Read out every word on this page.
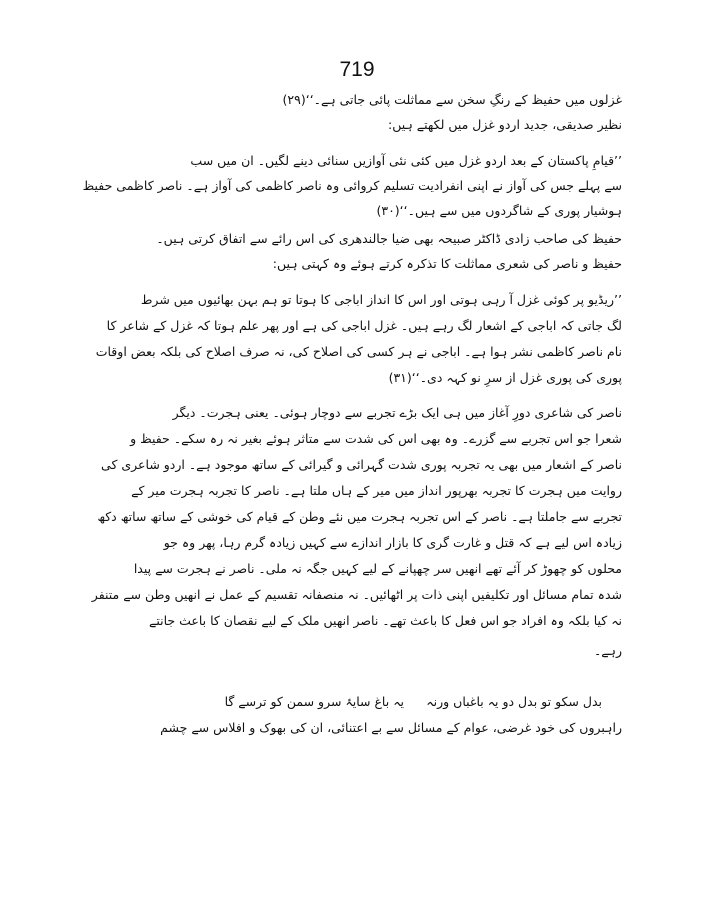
719
غزلوں میں حفیظ کے رنگِ سخن سے مماثلت پائی جاتی ہے۔‘‘(۲۹)
نظیر صدیقی، جدید اردو غزل میں لکھتے ہیں:
’’قیامِ پاکستان کے بعد اردو غزل میں کئی نئی آوازیں سنائی دینے لگیں۔ ان میں سب
سے پہلے جس کی آواز نے اپنی انفرادیت تسلیم کروائی وہ ناصر کاظمی کی آواز ہے۔ ناصر کاظمی حفیظ
ہوشیار پوری کے شاگردوں میں سے ہیں۔‘‘(۳۰)
حفیظ کی صاحب زادی ڈاکٹر صبیحہ بھی ضیا جالندھری کی اس رائے سے اتفاق کرتی ہیں۔
حفیظ و ناصر کی شعری مماثلت کا تذکرہ کرتے ہوئے وہ کہتی ہیں:
’’ریڈیو پر کوئی غزل آ رہی ہوتی اور اس کا انداز اباجی کا ہوتا تو ہم بہن بھائیوں میں شرط
لگ جاتی کہ اباجی کے اشعار لگ رہے ہیں۔ غزل اباجی کی ہے اور پھر علم ہوتا کہ غزل کے شاعر کا
نام ناصر کاظمی نشر ہوا ہے۔ اباجی نے ہر کسی کی اصلاح کی، نہ صرف اصلاح کی بلکہ بعض اوقات
پوری کی پوری غزل از سرِ نو کہہ دی۔‘‘(۳۱)
ناصر کی شاعری دورِ آغاز میں ہی ایک بڑے تجربے سے دوچار ہوئی۔ یعنی ہجرت۔ دیگر
شعرا جو اس تجربے سے گزرے۔ وہ بھی اس کی شدت سے متاثر ہوئے بغیر نہ رہ سکے۔ حفیظ و
ناصر کے اشعار میں بھی یہ تجربہ پوری شدت گہرائی و گیرائی کے ساتھ موجود ہے۔ اردو شاعری کی
روایت میں ہجرت کا تجربہ بھرپور انداز میں میر کے ہاں ملتا ہے۔ ناصر کا تجربہ ہجرت میر کے
تجربے سے جاملتا ہے۔ ناصر کے اس تجربہ ہجرت میں نئے وطن کے قیام کی خوشی کے ساتھ ساتھ دکھ
زیادہ اس لیے ہے کہ قتل و غارت گری کا بازار اندازے سے کہیں زیادہ گرم رہا، پھر وہ جو
محلوں کو چھوڑ کر آئے تھے انھیں سر چھپانے کے لیے کہیں جگہ نہ ملی۔ ناصر نے ہجرت سے پیدا
شدہ تمام مسائل اور تکلیفیں اپنی ذات پر اٹھائیں۔ نہ منصفانہ تقسیم کے عمل نے انھیں وطن سے متنفر
نہ کیا بلکہ وہ افراد جو اس فعل کا باعث تھے۔ ناصر انھیں ملک کے لیے نقصان کا باعث جانتے
رہے۔
بدل سکو تو بدل دو یہ باغباں ورنہ
یہ باغ سایۂ سرو سمن کو ترسے گا
راہبروں کی خود غرضی، عوام کے مسائل سے بے اعتنائی، ان کی بھوک و افلاس سے چشم
